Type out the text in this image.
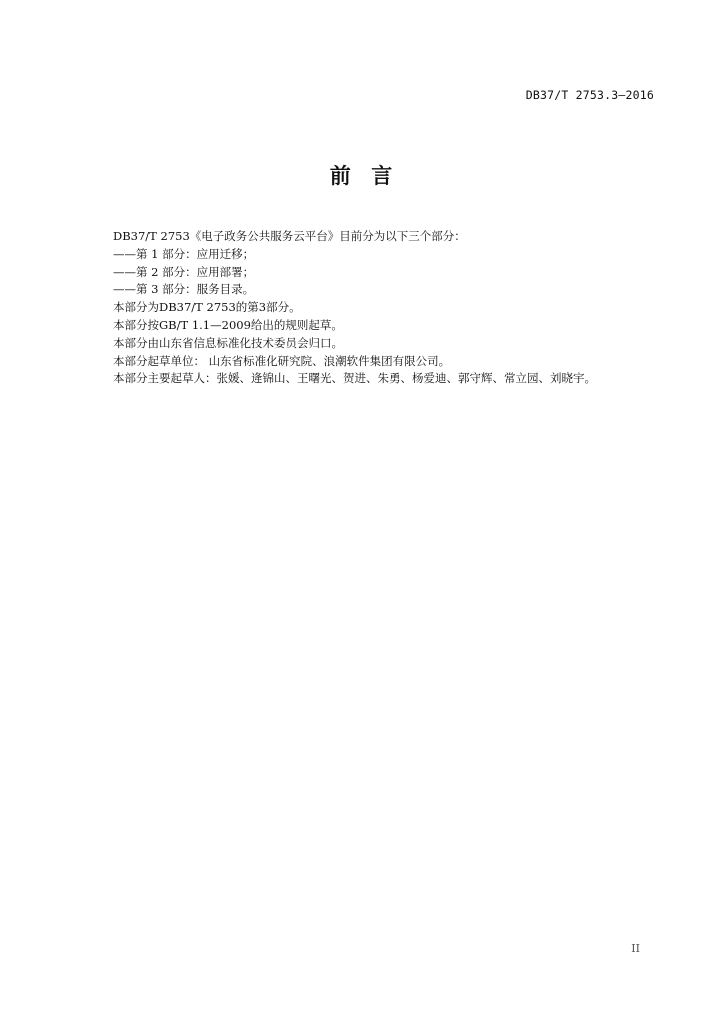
DB37/T 2753.3—2016
前  言
DB37/T 2753《电子政务公共服务云平台》目前分为以下三个部分：
——第 1 部分：应用迁移；
——第 2 部分：应用部署；
——第 3 部分：服务目录。
本部分为DB37/T 2753的第3部分。
本部分按GB/T 1.1—2009给出的规则起草。
本部分由山东省信息标准化技术委员会归口。
本部分起草单位： 山东省标准化研究院、浪潮软件集团有限公司。
本部分主要起草人：张媛、逄锦山、王曙光、贺进、朱勇、杨爱迪、郭守辉、常立园、刘晓宇。
II
